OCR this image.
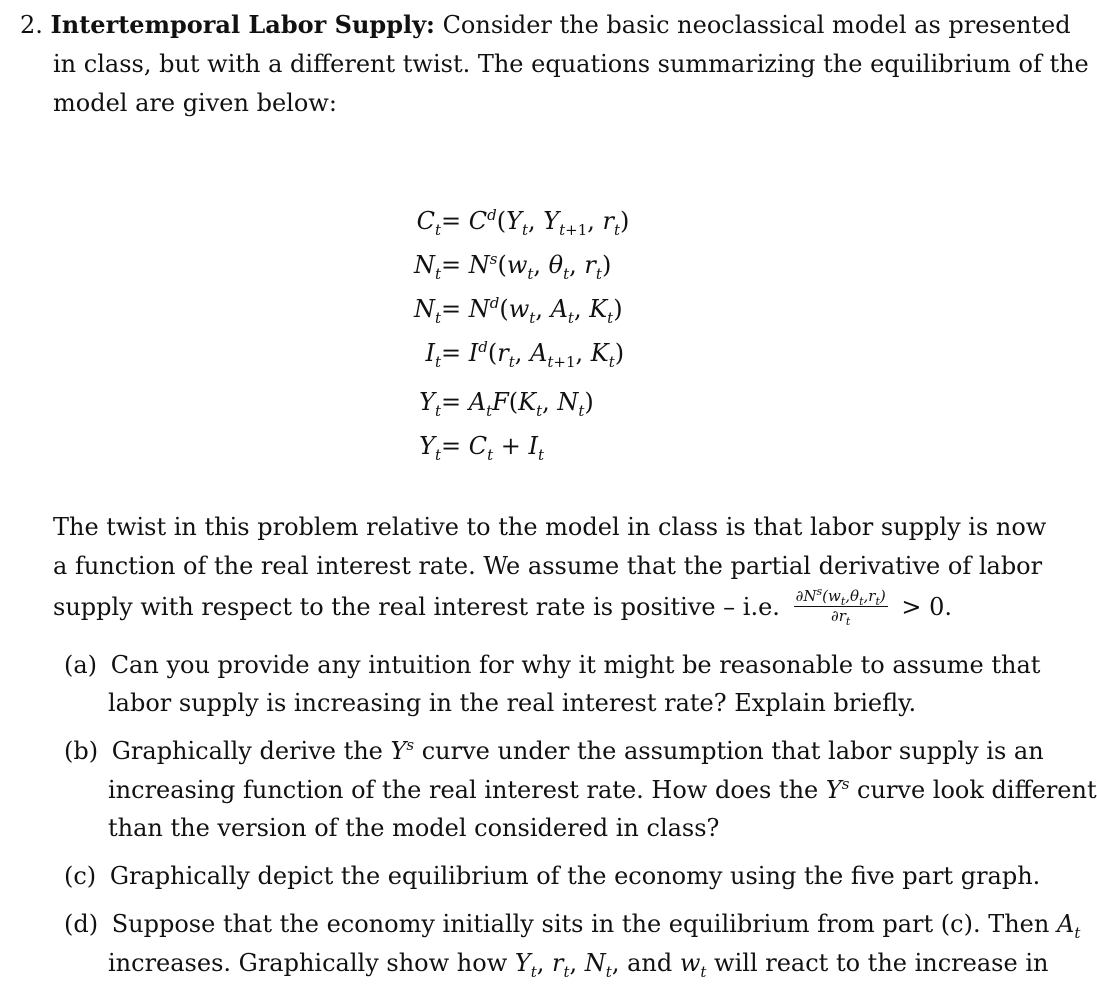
2. Intertemporal Labor Supply: Consider the basic neoclassical model as presented
in class, but with a different twist. The equations summarizing the equilibrium of the
model are given below:
$C_t = C^d(Y_t$, $Y_{t+1}$, $r_t$)
$N_t = N^s(w_t$, $\theta_t$, $r_t$)
$N_t = N^d(w_t$, $A_t$, $K_t$)
$I_t = I^d(r_t$, $A_{t+1}$, $K_t$)
$Y_t = A_tF(K_t$, $N_t$)
$Y_t = C_t + I_t$
The twist in this problem relative to the model in class is that labor supply is now
a function of the real interest rate. We assume that the partial derivative of labor
supply with respect to the real interest rate is positive – i.e. $\frac{\partial N^s(w_t,\theta_t,r_t)}{\partial r_t} > 0$.
(a) Can you provide any intuition for why it might be reasonable to assume that
labor supply is increasing in the real interest rate? Explain briefly.
(b) Graphically derive the $Y^s$ curve under the assumption that labor supply is an
increasing function of the real interest rate. How does the $Y^s$ curve look different
than the version of the model considered in class?
(c) Graphically depict the equilibrium of the economy using the five part graph.
(d) Suppose that the economy initially sits in the equilibrium from part (c). Then $A_t$
increases. Graphically show how $Y_t$, $r_t$, $N_t$, and $w_t$ will react to the increase in
